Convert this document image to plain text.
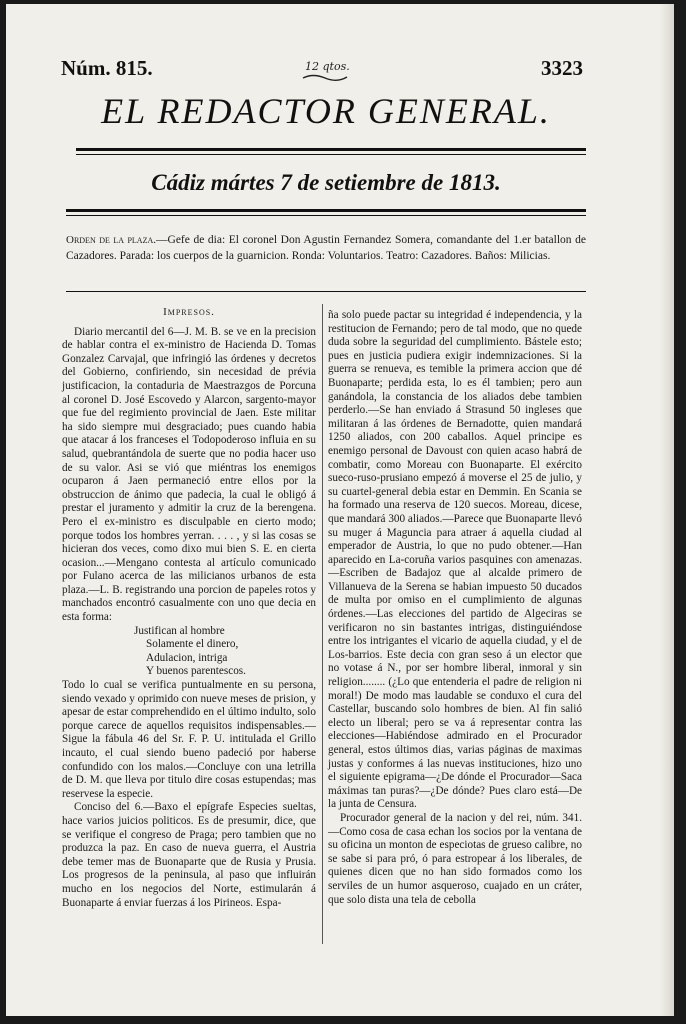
Núm. 815.	12 qtos.	3323
EL REDACTOR GENERAL.
Cádiz mártes 7 de setiembre de 1813.
Orden de la plaza.—Gefe de dia: El coronel Don Agustin Fernandez Somera, comandante del 1.er batallon de Cazadores. Parada: los cuerpos de la guarnicion. Ronda: Voluntarios. Teatro: Cazadores. Baños: Milicias.
Impresos.

Diario mercantil del 6—J. M. B. se ve en la precision de hablar contra el ex-ministro de Hacienda D. Tomas Gonzalez Carvajal, que infringió las órdenes y decretos del Gobierno, confiriendo, sin necesidad de prévia justificacion, la contaduria de Maestrazgos de Porcuna al coronel D. José Escovedo y Alarcon, sargento-mayor que fue del regimiento provincial de Jaen. Este militar ha sido siempre mui desgraciado; pues cuando habia que atacar á los franceses el Todopoderoso influia en su salud, quebrantándola de suerte que no podia hacer uso de su valor. Asi se vió que miéntras los enemigos ocuparon á Jaen permaneció entre ellos por la obstruccion de ánimo que padecia, la cual le obligó á prestar el juramento y admitir la cruz de la berengena. Pero el ex-ministro es disculpable en cierto modo; porque todos los hombres yerran. . . . , y si las cosas se hicieran dos veces, como dixo mui bien S. E. en cierta ocasion...—Mengano contesta al artículo comunicado por Fulano acerca de las milicianos urbanos de esta plaza.—L. B. registrando una porcion de papeles rotos y manchados encontró casualmente con uno que decia en esta forma:

Justifican al hombre

Solamente el dinero,

Adulacion, intriga

Y buenos parentescos.

Todo lo cual se verifica puntualmente en su persona, siendo vexado y oprimido con nueve meses de prision, y apesar de estar comprehendido en el último indulto, solo porque carece de aquellos requisitos indispensables.—Sigue la fábula 46 del Sr. F. P. U. intitulada el Grillo incauto, el cual siendo bueno padeció por haberse confundido con los malos.—Concluye con una letrilla de D. M. que lleva por titulo dire cosas estupendas; mas reservese la especie.

Conciso del 6.—Baxo el epígrafe Especies sueltas, hace varios juicios politicos. Es de presumir, dice, que se verifique el congreso de Praga; pero tambien que no produzca la paz. En caso de nueva guerra, el Austria debe temer mas de Buonaparte que de Rusia y Prusia. Los progresos de la peninsula, al paso que influirán mucho en los negocios del Norte, estimularán á Buonaparte á enviar fuerzas á los Pirineos. Espa-

ña solo puede pactar su integridad é independencia, y la restitucion de Fernando; pero de tal modo, que no quede duda sobre la seguridad del cumplimiento. Bástele esto; pues en justicia pudiera exigir indemnizaciones. Si la guerra se renueva, es temible la primera accion que dé Buonaparte; perdida esta, lo es él tambien; pero aun ganándola, la constancia de los aliados debe tambien perderlo.—Se han enviado á Strasund 50 ingleses que militaran á las órdenes de Bernadotte, quien mandará 1250 aliados, con 200 caballos. Aquel principe es enemigo personal de Davoust con quien acaso habrá de combatir, como Moreau con Buonaparte. El exército sueco-ruso-prusiano empezó á moverse el 25 de julio, y su cuartel-general debia estar en Demmin. En Scania se ha formado una reserva de 120 suecos. Moreau, dicese, que mandará 300 aliados.—Parece que Buonaparte llevó su muger á Maguncia para atraer á aquella ciudad al emperador de Austria, lo que no pudo obtener.—Han aparecido en La-coruña varios pasquines con amenazas.—Escriben de Badajoz que al alcalde primero de Villanueva de la Serena se habian impuesto 50 ducados de multa por omiso en el cumplimiento de algunas órdenes.—Las elecciones del partido de Algeciras se verificaron no sin bastantes intrigas, distinguiéndose entre los intrigantes el vicario de aquella ciudad, y el de Los-barrios. Este decia con gran seso á un elector que no votase á N., por ser hombre liberal, inmoral y sin religion........ (¿Lo que entenderia el padre de religion ni moral!) De modo mas laudable se conduxo el cura del Castellar, buscando solo hombres de bien. Al fin salió electo un liberal; pero se va á representar contra las elecciones—Habiéndose admirado en el Procurador general, estos últimos dias, varias páginas de maximas justas y conformes á las nuevas instituciones, hizo uno el siguiente epigrama—¿De dónde el Procurador—Saca máximas tan puras?—¿De dónde? Pues claro está—De la junta de Censura.

Procurador general de la nacion y del rei, núm. 341.—Como cosa de casa echan los socios por la ventana de su oficina un monton de especiotas de grueso calibre, no se sabe si para pró, ó para estropear á los liberales, de quienes dicen que no han sido formados como los serviles de un humor asqueroso, cuajado en un cráter, que solo dista una tela de cebolla
